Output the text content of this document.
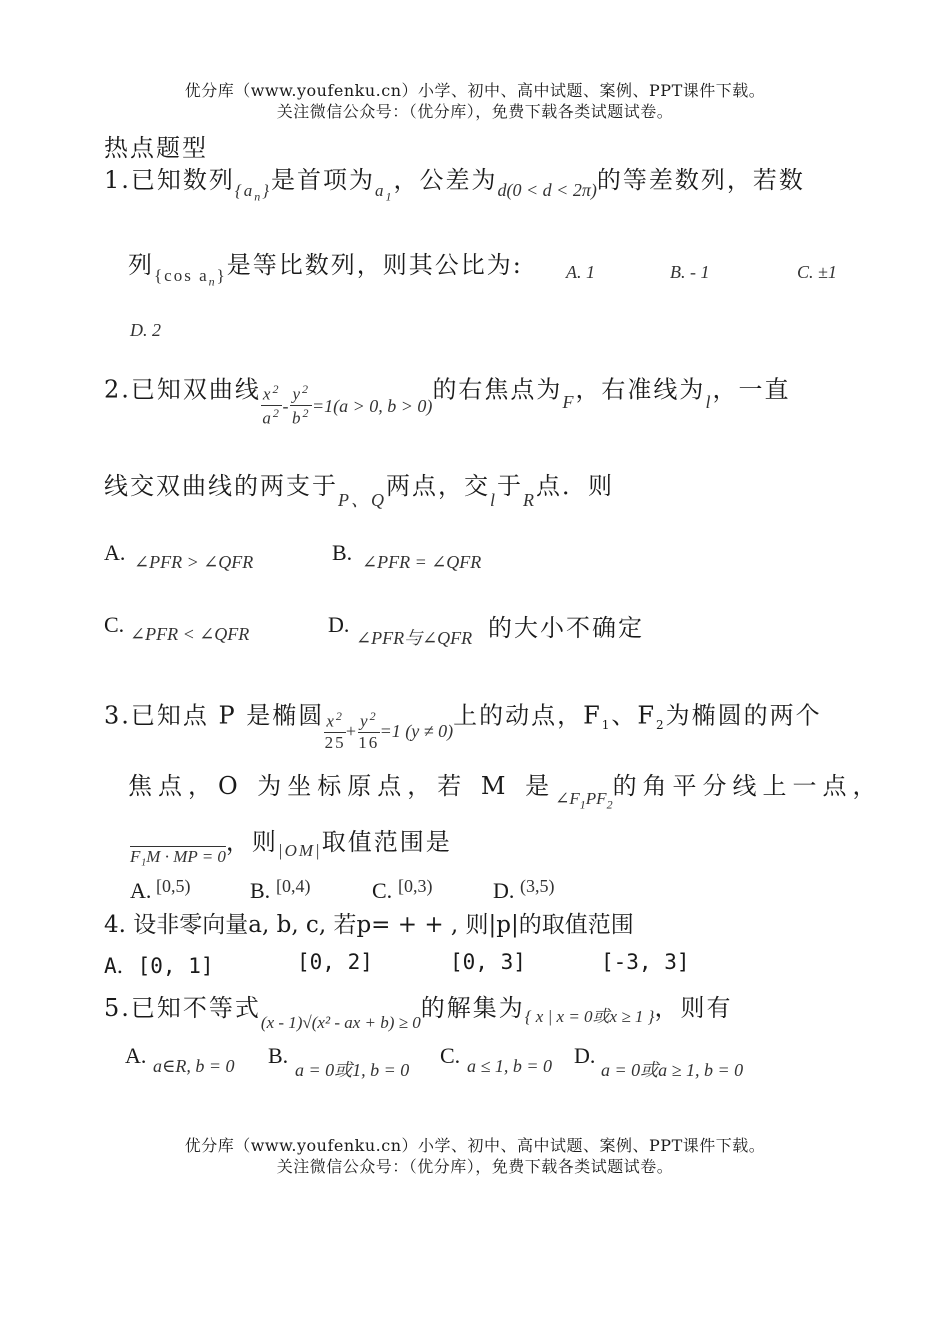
优分库（www.youfenku.cn）小学、初中、高中试题、案例、PPT课件下载。
关注微信公众号：（优分库），免费下载各类试题试卷。
热点题型
1.已知数列$_{\{a_n\}}$是首项为$_{a_1}$，公差为$_{d(0 < d < 2\pi)}$的等差数列，若数
列$_{\{cos a_n\}}$是等比数列，则其公比为: A. 1	B. - 1	C. ±1
D. 2
2.已知双曲线 $\frac{x^2}{a^2} _- \frac{y^2}{b^2} _{=1(a > 0, b > 0)}$的右焦点为$_F$，右准线为$_l$，一直
线交双曲线的两支于$_{P、Q}$两点，交$_l$于$_R$点．则
A. ∠PFR > ∠QFR	B. ∠PFR = ∠QFR
C. ∠PFR < ∠QFR	D.
∠PFR与∠QFR 的大小不确定
3.已知点 P 是椭圆 $\frac{x^2}{25} _+ \frac{y^2}{16} _{=1 (y \ne 0)}$上的动点，$F_1$、$F_2$为椭圆的两个
焦点，O 为坐标原点，若 M 是$_{\angle F_1PF_2}$的角平分线上一点，
$_{F_1M \cdot MP = 0}$，则$_{|OM|}$取值范围是
A. [0,5)	B. [0,4)	C. [0,3)	D. (3,5)
4. 设非零向量a, b, c, 若p= + + , 则|p|的取值范围
A．[0, 1]	[0, 2]	[0, 3]	[-3, 3]
5.已知不等式$_{(x - 1)√(x^2 - ax + b) \ge 0}$的解集为$_{\{ x | x = 0或x \ge 1 \}}$，则有
A. a∈R, b = 0 B.
a = 0或1, b = 0
C. a ≤ 1, b = 0 D.
a = 0或a ≥ 1, b = 0
优分库（www.youfenku.cn）小学、初中、高中试题、案例、PPT课件下载。
关注微信公众号：（优分库），免费下载各类试题试卷。
